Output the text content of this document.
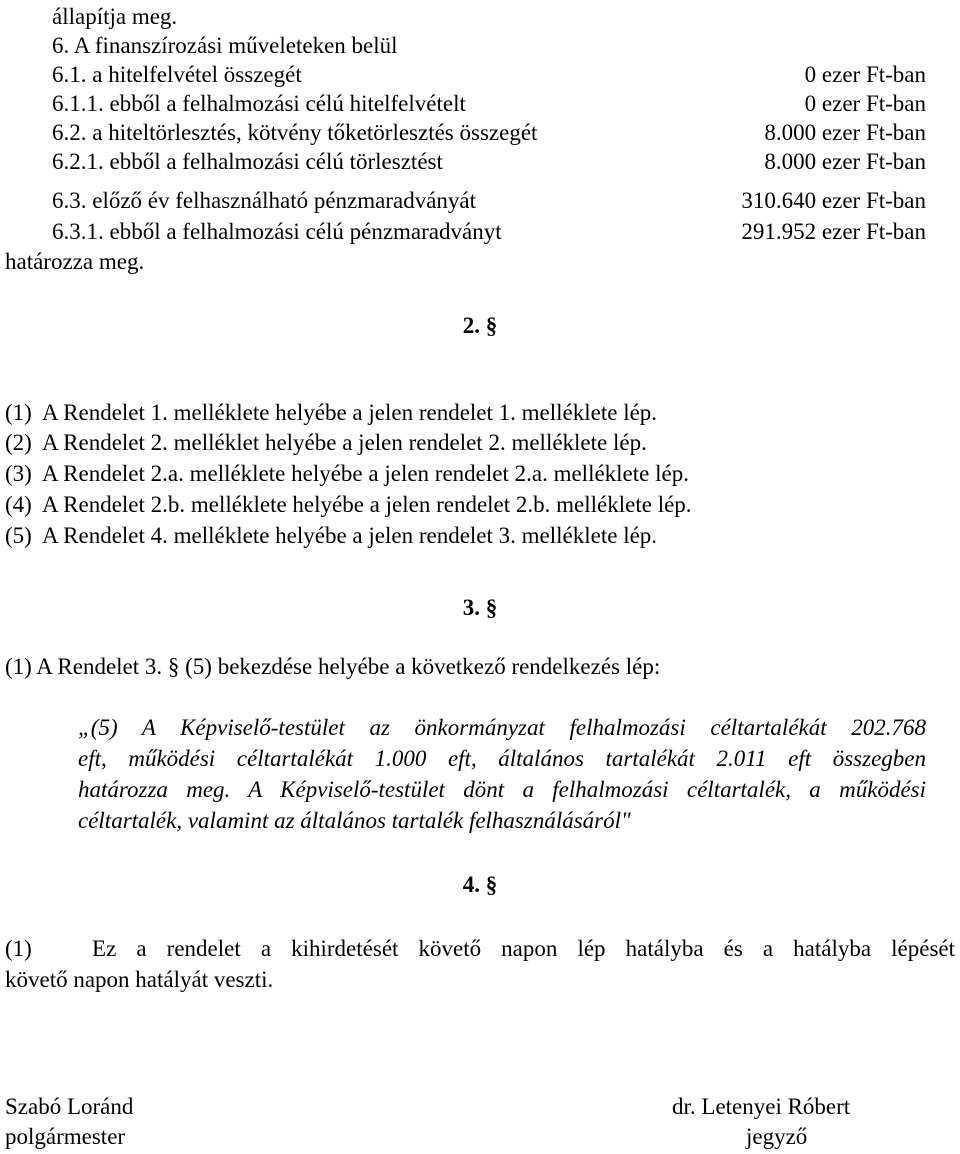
állapítja meg.
6. A finanszírozási műveleteken belül
6.1. a hitelfelvétel összegét	0 ezer Ft-ban
6.1.1. ebből a felhalmozási célú hitelfelvételt	0 ezer Ft-ban
6.2. a hiteltörlesztés, kötvény tőketörlesztés összegét	8.000 ezer Ft-ban
6.2.1. ebből a felhalmozási célú törlesztést	8.000 ezer Ft-ban
6.3. előző év felhasználható pénzmaradványát	310.640 ezer Ft-ban
6.3.1. ebből a felhalmozási célú pénzmaradványt	291.952 ezer Ft-ban
határozza meg.
2. §
(1)  A Rendelet 1. melléklete helyébe a jelen rendelet 1. melléklete lép.
(2)  A Rendelet 2. melléklet helyébe a jelen rendelet 2. melléklete lép.
(3)  A Rendelet 2.a. melléklete helyébe a jelen rendelet 2.a. melléklete lép.
(4)  A Rendelet 2.b. melléklete helyébe a jelen rendelet 2.b. melléklete lép.
(5)  A Rendelet 4. melléklete helyébe a jelen rendelet 3. melléklete lép.
3. §
(1) A Rendelet 3. § (5) bekezdése helyébe a következő rendelkezés lép:
„(5) A Képviselő-testület az önkormányzat felhalmozási céltartalékát 202.768
eft, működési céltartalékát 1.000 eft, általános tartalékát 2.011 eft összegben
határozza meg. A Képviselő-testület dönt a felhalmozási céltartalék, a működési
céltartalék, valamint az általános tartalék felhasználásáról"
4. §
(1)   Ez a rendelet a kihirdetését követő napon lép hatályba és a hatályba lépését
követő napon hatályát veszti.
Szabó Loránd
polgármester
dr. Letenyei Róbert
jegyző
